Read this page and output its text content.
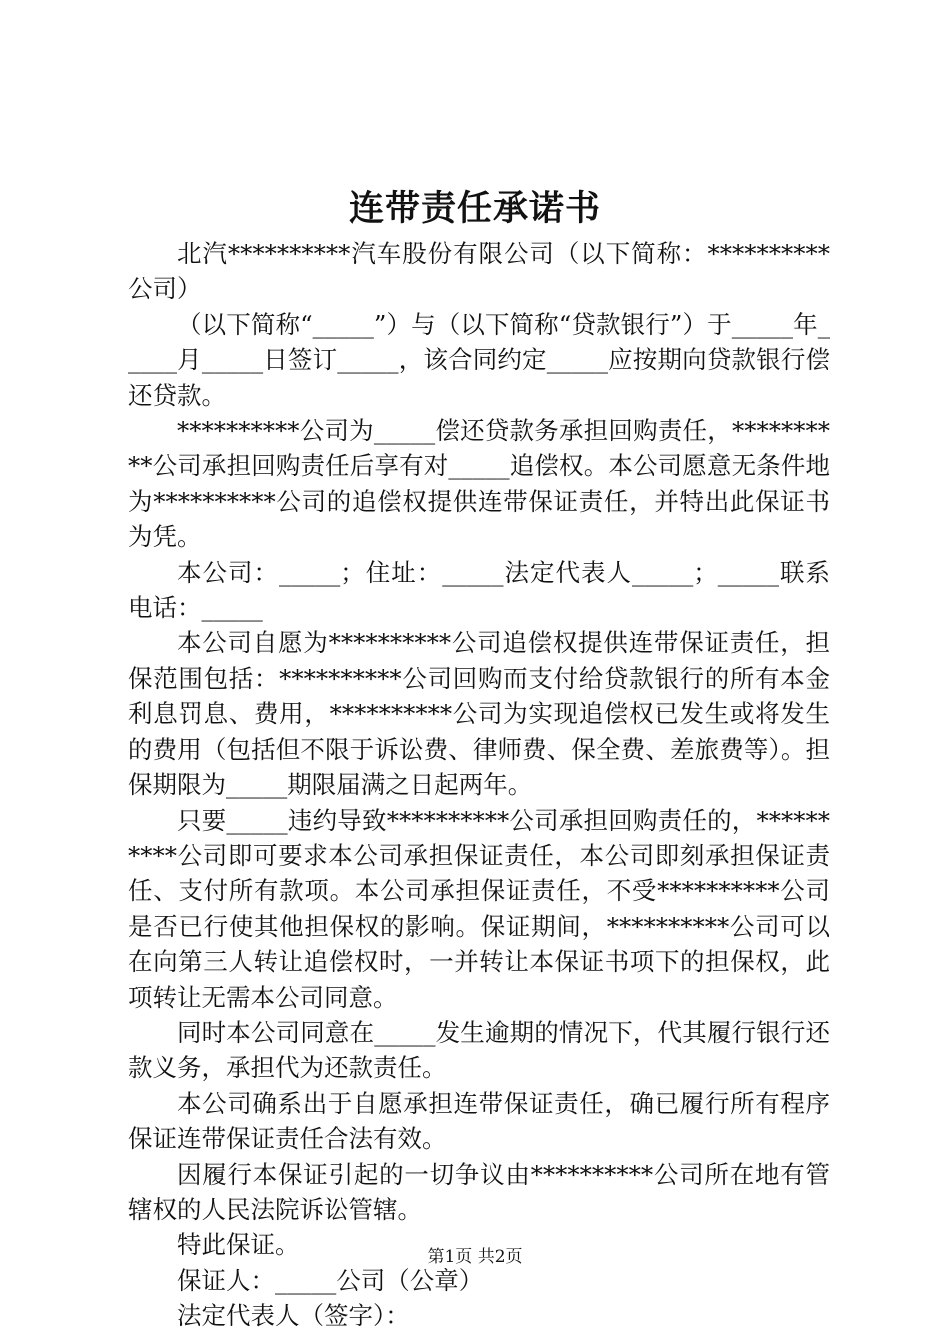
连带责任承诺书

北汽**********汽车股份有限公司（以下简称：**********公司）

（以下简称“_____”）与（以下简称“贷款银行”）于_____年_____月_____日签订_____，该合同约定_____应按期向贷款银行偿还贷款。

**********公司为_____偿还贷款务承担回购责任，**********公司承担回购责任后享有对_____追偿权。本公司愿意无条件地为**********公司的追偿权提供连带保证责任，并特出此保证书为凭。

本公司：_____；住址：_____法定代表人_____；_____联系电话：_____

本公司自愿为**********公司追偿权提供连带保证责任，担保范围包括：**********公司回购而支付给贷款银行的所有本金利息罚息、费用，**********公司为实现追偿权已发生或将发生的费用（包括但不限于诉讼费、律师费、保全费、差旅费等）。担保期限为_____期限届满之日起两年。

只要_____违约导致**********公司承担回购责任的，**********公司即可要求本公司承担保证责任，本公司即刻承担保证责任、支付所有款项。本公司承担保证责任，不受**********公司是否已行使其他担保权的影响。保证期间，**********公司可以在向第三人转让追偿权时，一并转让本保证书项下的担保权，此项转让无需本公司同意。

同时本公司同意在_____发生逾期的情况下，代其履行银行还款义务，承担代为还款责任。

本公司确系出于自愿承担连带保证责任，确已履行所有程序保证连带保证责任合法有效。

因履行本保证引起的一切争议由**********公司所在地有管辖权的人民法院诉讼管辖。

特此保证。

保证人：_____公司（公章）

法定代表人（签字）：

第1页 共2页
